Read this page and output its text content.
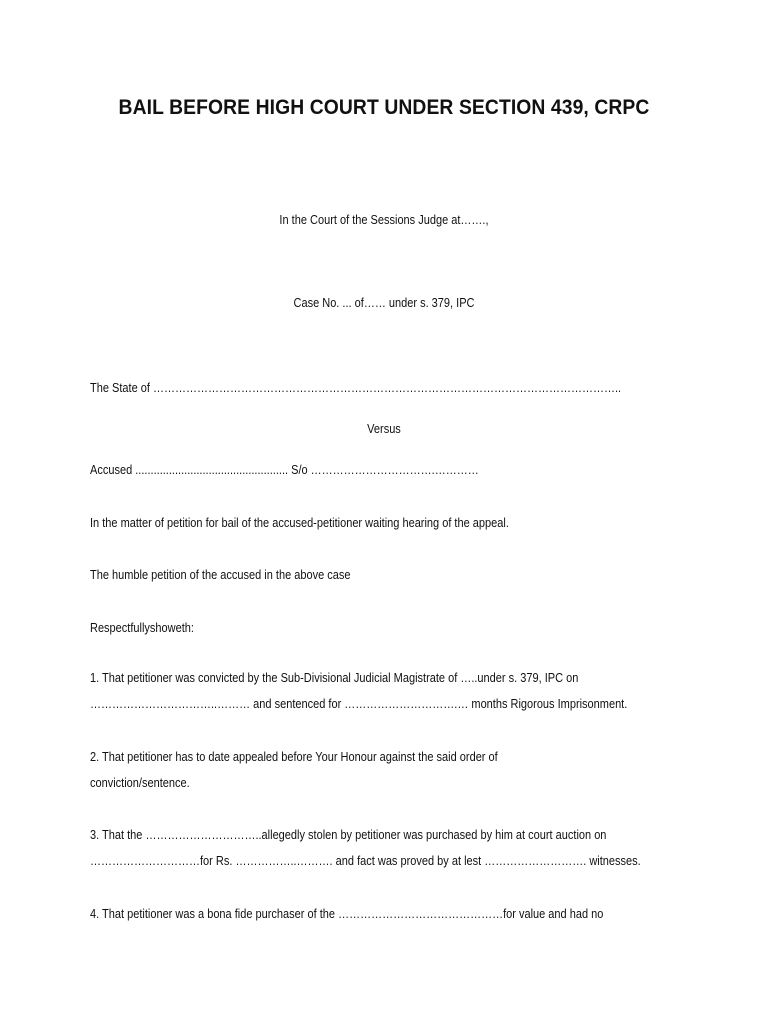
BAIL BEFORE HIGH COURT UNDER SECTION 439, CRPC
In the Court of the Sessions Judge at…….,
Case No. ... of…… under s. 379, IPC
The State of ………………………………………………………………………………………………………………..
Versus
Accused .................................................. S/o …………………………….…………
In the matter of petition for bail of the accused-petitioner waiting hearing of the appeal.
The humble petition of the accused in the above case
Respectfullyshoweth:
1. That petitioner was convicted by the Sub-Divisional Judicial Magistrate of …..under s. 379, IPC on
……………………………..……… and sentenced for ………………………….… months Rigorous Imprisonment.
2. That petitioner has to date appealed before Your Honour against the said order of
conviction/sentence.
3. That the …………………………..allegedly stolen by petitioner was purchased by him at court auction on
…………………………for Rs. ……………..………. and fact was proved by at lest ………………………. witnesses.
4. That petitioner was a bona fide purchaser of the ………………………………………for value and had no
